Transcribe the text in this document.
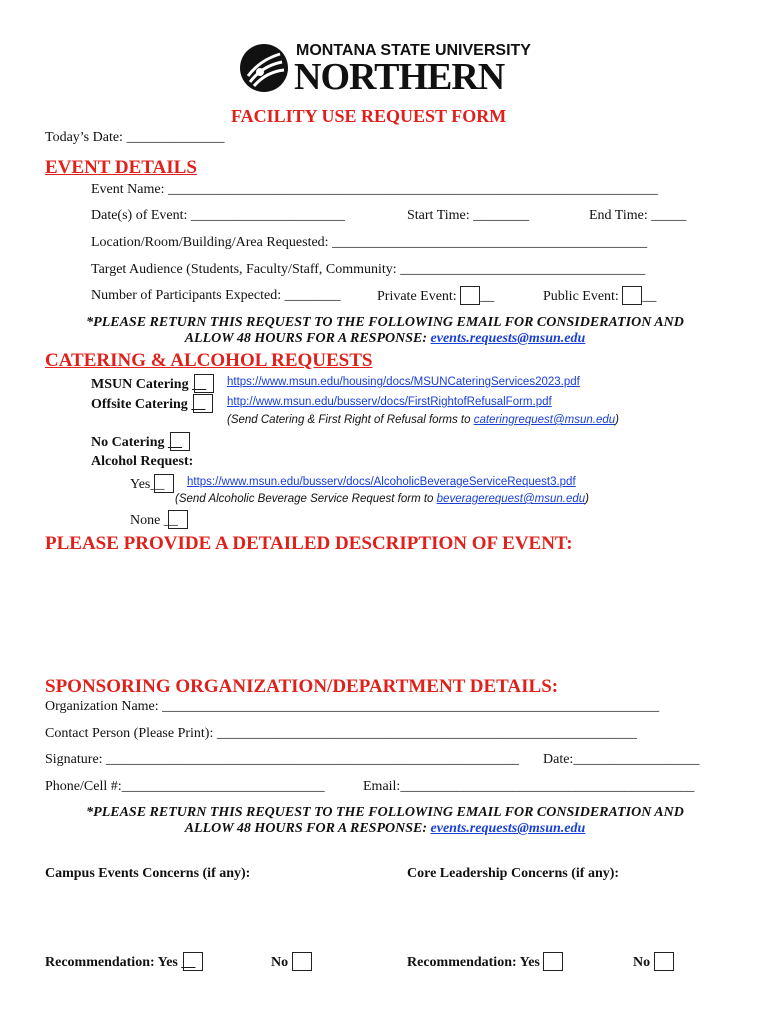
MONTANA STATE UNIVERSITY
NORTHERN
FACILITY USE REQUEST FORM
Today’s Date: ______________
EVENT DETAILS
Event Name: ______________________________________________________________________
Date(s) of Event: ______________________	Start Time: ________	End Time: _____
Location/Room/Building/Area Requested: _____________________________________________
Target Audience (Students, Faculty/Staff, Community: ___________________________________
Number of Participants Expected: ________	Private Event: __	Public Event: __
*PLEASE RETURN THIS REQUEST TO THE FOLLOWING EMAIL FOR CONSIDERATION AND
ALLOW 48 HOURS FOR A RESPONSE: events.requests@msun.edu
CATERING & ALCOHOL REQUESTS
MSUN Catering __	https://www.msun.edu/housing/docs/MSUNCateringServices2023.pdf
Offsite Catering __	http://www.msun.edu/busserv/docs/FirstRightofRefusalForm.pdf
(Send Catering & First Right of Refusal forms to cateringrequest@msun.edu)
No Catering __
Alcohol Request:
Yes__	https://www.msun.edu/busserv/docs/AlcoholicBeverageServiceRequest3.pdf
(Send Alcoholic Beverage Service Request form to beveragerequest@msun.edu)
None __
PLEASE PROVIDE A DETAILED DESCRIPTION OF EVENT:
SPONSORING ORGANIZATION/DEPARTMENT DETAILS:
Organization Name: _______________________________________________________________________
Contact Person (Please Print): ____________________________________________________________
Signature: ___________________________________________________________ Date:__________________
Phone/Cell #:_____________________________	Email:__________________________________________
*PLEASE RETURN THIS REQUEST TO THE FOLLOWING EMAIL FOR CONSIDERATION AND
ALLOW 48 HOURS FOR A RESPONSE: events.requests@msun.edu
Campus Events Concerns (if any):	Core Leadership Concerns (if any):
Recommendation: Yes __	No	Recommendation: Yes	No
